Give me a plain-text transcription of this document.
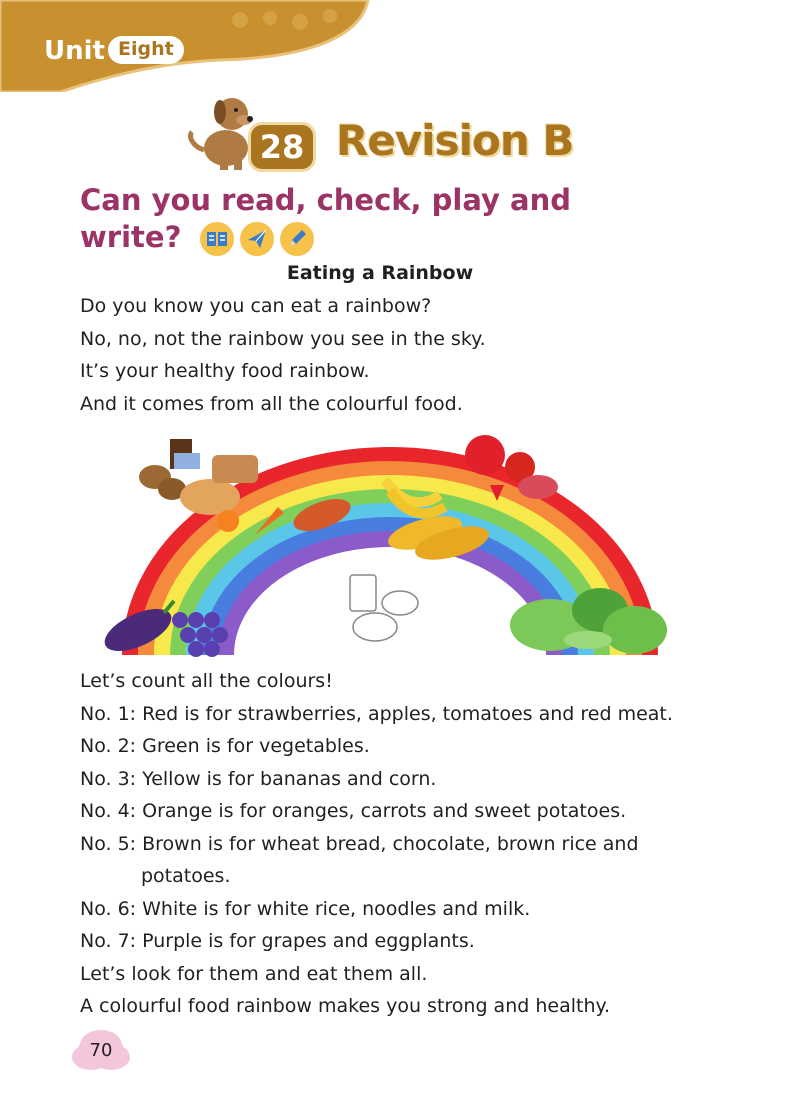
Unit Eight
28 Revision B
Can you read, check, play and write?
Eating a Rainbow
Do you know you can eat a rainbow?
No, no, not the rainbow you see in the sky.
It’s your healthy food rainbow.
And it comes from all the colourful food.
Let’s count all the colours!
No. 1: Red is for strawberries, apples, tomatoes and red meat.
No. 2: Green is for vegetables.
No. 3: Yellow is for bananas and corn.
No. 4: Orange is for oranges, carrots and sweet potatoes.
No. 5: Brown is for wheat bread, chocolate, brown rice and
potatoes.
No. 6: White is for white rice, noodles and milk.
No. 7: Purple is for grapes and eggplants.
Let’s look for them and eat them all.
A colourful food rainbow makes you strong and healthy.
70
